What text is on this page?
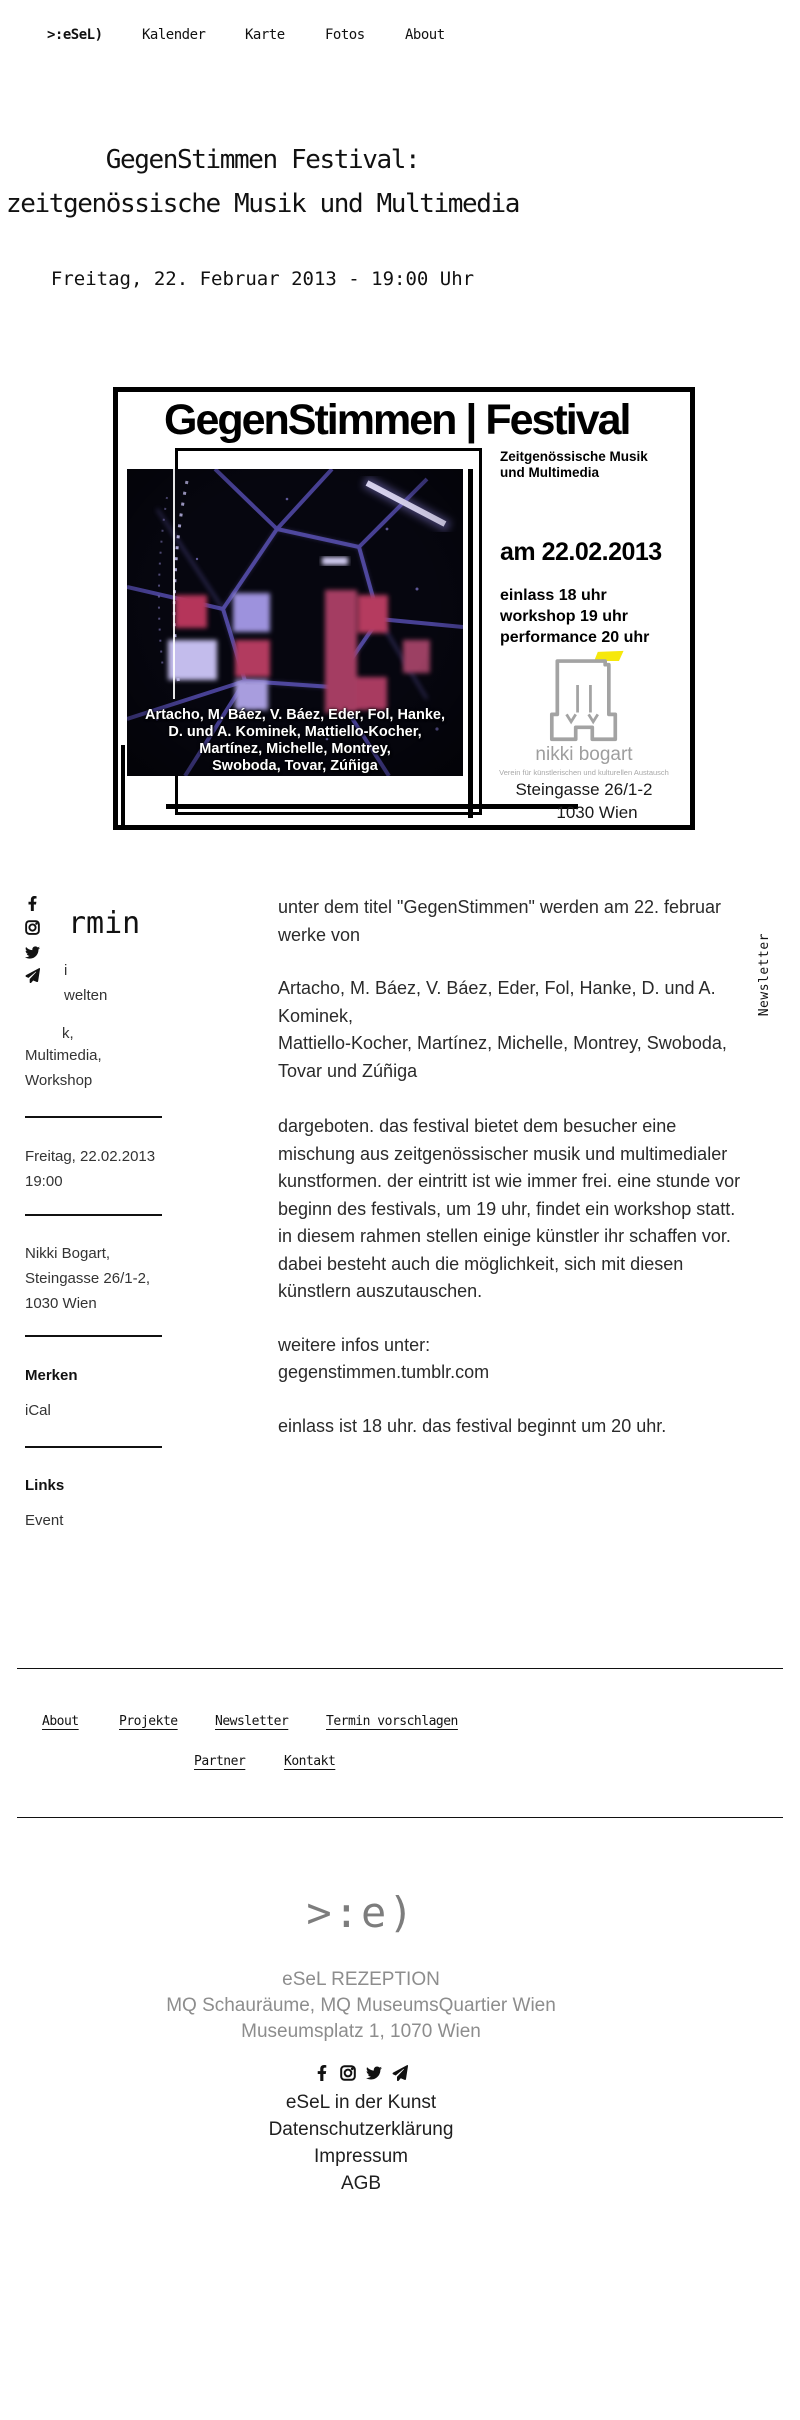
>:eSeL)	Kalender	Karte	Fotos	About
GegenStimmen Festival:
zeitgenössische Musik und Multimedia
Freitag, 22. Februar 2013 - 19:00 Uhr
GegenStimmen | Festival
Artacho, M. Báez, V. Báez, Eder, Fol, Hanke,
D. und A. Kominek, Mattiello-Kocher,
Martínez, Michelle, Montrey,
Swoboda, Tovar, Zúñiga
Zeitgenössische Musik
und Multimedia
am 22.02.2013
einlass 18 uhr
workshop 19 uhr
performance 20 uhr
nikki bogart
Verein für künstlerischen und kulturellen Austausch
Steingasse 26/1-2
1030 Wien
rmin
i
welten
k,
Multimedia,
Workshop
Freitag, 22.02.2013
19:00
Nikki Bogart,
Steingasse 26/1-2,
1030 Wien
Merken
iCal
Links
Event
Newsletter

unter dem titel "GegenStimmen" werden am 22. februar werke von

Artacho, M. Báez, V. Báez, Eder, Fol, Hanke, D. und A.
Kominek,
Mattiello-Kocher, Martínez, Michelle, Montrey, Swoboda,
Tovar und Zúñiga

dargeboten. das festival bietet dem besucher eine mischung aus zeitgenössischer musik und multimedialer kunstformen. der eintritt ist wie immer frei. eine stunde vor beginn des festivals, um 19 uhr, findet ein workshop statt. in diesem rahmen stellen einige künstler ihr schaffen vor. dabei besteht auch die möglichkeit, sich mit diesen künstlern auszutauschen.

weitere infos unter:
gegenstimmen.tumblr.com

einlass ist 18 uhr. das festival beginnt um 20 uhr.

About	Projekte	Newsletter	Termin vorschlagen
Partner	Kontakt
>:e)
eSeL REZEPTION
MQ Schauräume, MQ MuseumsQuartier Wien
Museumsplatz 1, 1070 Wien
eSeL in der Kunst
Datenschutzerklärung
Impressum
AGB
